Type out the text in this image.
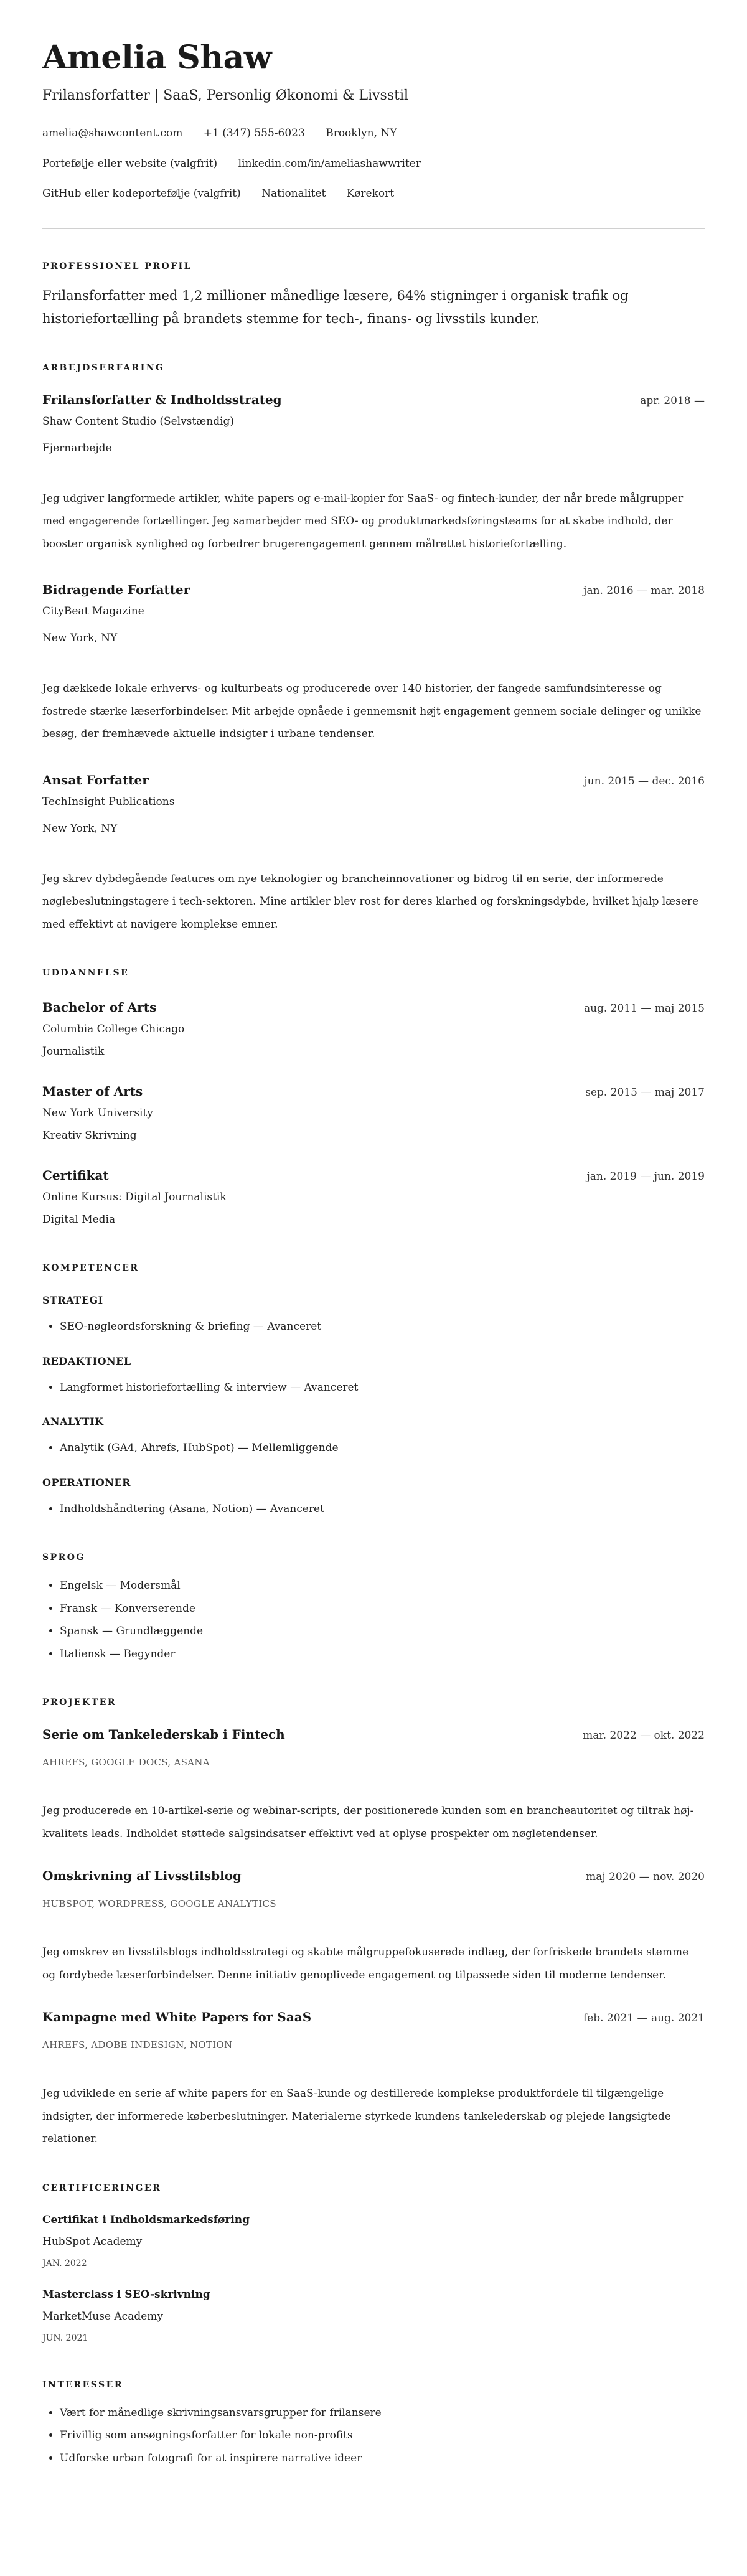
Amelia Shaw
Frilansforfatter | SaaS, Personlig Økonomi & Livsstil
amelia@shawcontent.com +1 (347) 555-6023 Brooklyn, NY
Portefølje eller website (valgfrit) linkedin.com/in/ameliashawwriter
GitHub eller kodeportefølje (valgfrit) Nationalitet Kørekort
PROFESSIONEL PROFIL
Frilansforfatter med 1,2 millioner månedlige læsere, 64% stigninger i organisk trafik og historiefortælling på brandets stemme for tech-, finans- og livsstils kunder.
ARBEJDSERFARING
Frilansforfatter & Indholdsstrateg	apr. 2018 —
Shaw Content Studio (Selvstændig)
Fjernarbejde
Jeg udgiver langformede artikler, white papers og e-mail-kopier for SaaS- og fintech-kunder, der når brede målgrupper med engagerende fortællinger. Jeg samarbejder med SEO- og produktmarkedsføringsteams for at skabe indhold, der booster organisk synlighed og forbedrer brugerengagement gennem målrettet historiefortælling.
Bidragende Forfatter	jan. 2016 — mar. 2018
CityBeat Magazine
New York, NY
Jeg dækkede lokale erhvervs- og kulturbeats og producerede over 140 historier, der fangede samfundsinteresse og fostrede stærke læserforbindelser. Mit arbejde opnåede i gennemsnit højt engagement gennem sociale delinger og unikke besøg, der fremhævede aktuelle indsigter i urbane tendenser.
Ansat Forfatter	jun. 2015 — dec. 2016
TechInsight Publications
New York, NY
Jeg skrev dybdegående features om nye teknologier og brancheinnovationer og bidrog til en serie, der informerede nøglebeslutningstagere i tech-sektoren. Mine artikler blev rost for deres klarhed og forskningsdybde, hvilket hjalp læsere med effektivt at navigere komplekse emner.
UDDANNELSE
Bachelor of Arts	aug. 2011 — maj 2015
Columbia College Chicago
Journalistik
Master of Arts	sep. 2015 — maj 2017
New York University
Kreativ Skrivning
Certifikat	jan. 2019 — jun. 2019
Online Kursus: Digital Journalistik
Digital Media
KOMPETENCER
STRATEGI
• SEO-nøgleordsforskning & briefing — Avanceret
REDAKTIONEL
• Langformet historiefortælling & interview — Avanceret
ANALYTIK
• Analytik (GA4, Ahrefs, HubSpot) — Mellemliggende
OPERATIONER
• Indholdshåndtering (Asana, Notion) — Avanceret
SPROG
• Engelsk — Modersmål
• Fransk — Konverserende
• Spansk — Grundlæggende
• Italiensk — Begynder
PROJEKTER
Serie om Tankelederskab i Fintech	mar. 2022 — okt. 2022
AHREFS, GOOGLE DOCS, ASANA
Jeg producerede en 10-artikel-serie og webinar-scripts, der positionerede kunden som en brancheautoritet og tiltrak høj-kvalitets leads. Indholdet støttede salgsindsatser effektivt ved at oplyse prospekter om nøgletendenser.
Omskrivning af Livsstilsblog	maj 2020 — nov. 2020
HUBSPOT, WORDPRESS, GOOGLE ANALYTICS
Jeg omskrev en livsstilsblogs indholdsstrategi og skabte målgruppefokuserede indlæg, der forfriskede brandets stemme og fordybede læserforbindelser. Denne initiativ genoplivede engagement og tilpassede siden til moderne tendenser.
Kampagne med White Papers for SaaS	feb. 2021 — aug. 2021
AHREFS, ADOBE INDESIGN, NOTION
Jeg udviklede en serie af white papers for en SaaS-kunde og destillerede komplekse produktfordele til tilgængelige indsigter, der informerede køberbeslutninger. Materialerne styrkede kundens tankelederskab og plejede langsigtede relationer.
CERTIFICERINGER
Certifikat i Indholdsmarkedsføring
HubSpot Academy
JAN. 2022
Masterclass i SEO-skrivning
MarketMuse Academy
JUN. 2021
INTERESSER
• Vært for månedlige skrivningsansvarsgrupper for frilansere
• Frivillig som ansøgningsforfatter for lokale non-profits
• Udforske urban fotografi for at inspirere narrative ideer
